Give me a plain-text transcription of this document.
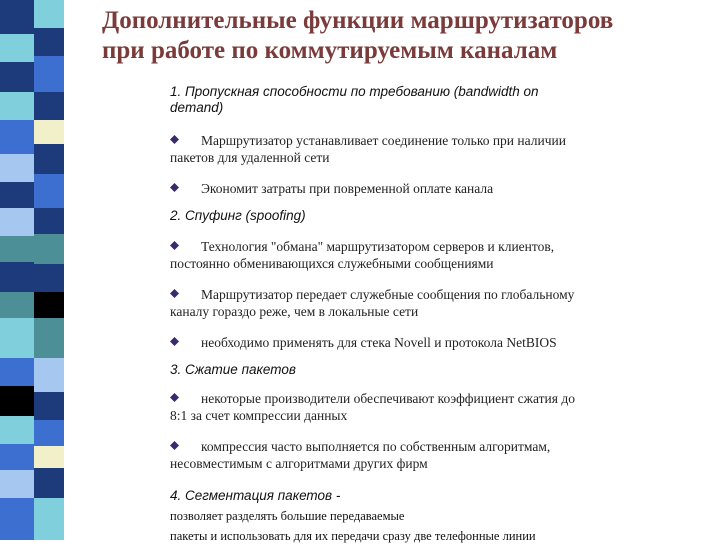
Дополнительные функции маршрутизаторов
при работе по коммутируемым каналам

1. Пропускная способности по требованию (bandwidth on
demand)

Маршрутизатор устанавливает соединение только при наличии
пакетов для удаленной сети

Экономит затраты при повременной оплате канала

2. Спуфинг (spoofing)

Технология "обмана" маршрутизатором серверов и клиентов,
постоянно обменивающихся служебными сообщениями

Маршрутизатор передает служебные сообщения по глобальному
каналу гораздо реже, чем в локальные сети

необходимо применять для стека Novell и протокола NetBIOS

3. Сжатие пакетов

некоторые производители обеспечивают коэффициент сжатия до
8:1 за счет компрессии данных

компрессия часто выполняется по собственным алгоритмам,
несовместимым с алгоритмами других фирм

4. Сегментация пакетов -
позволяет разделять большие передаваемые
пакеты и использовать для их передачи сразу две телефонные линии
